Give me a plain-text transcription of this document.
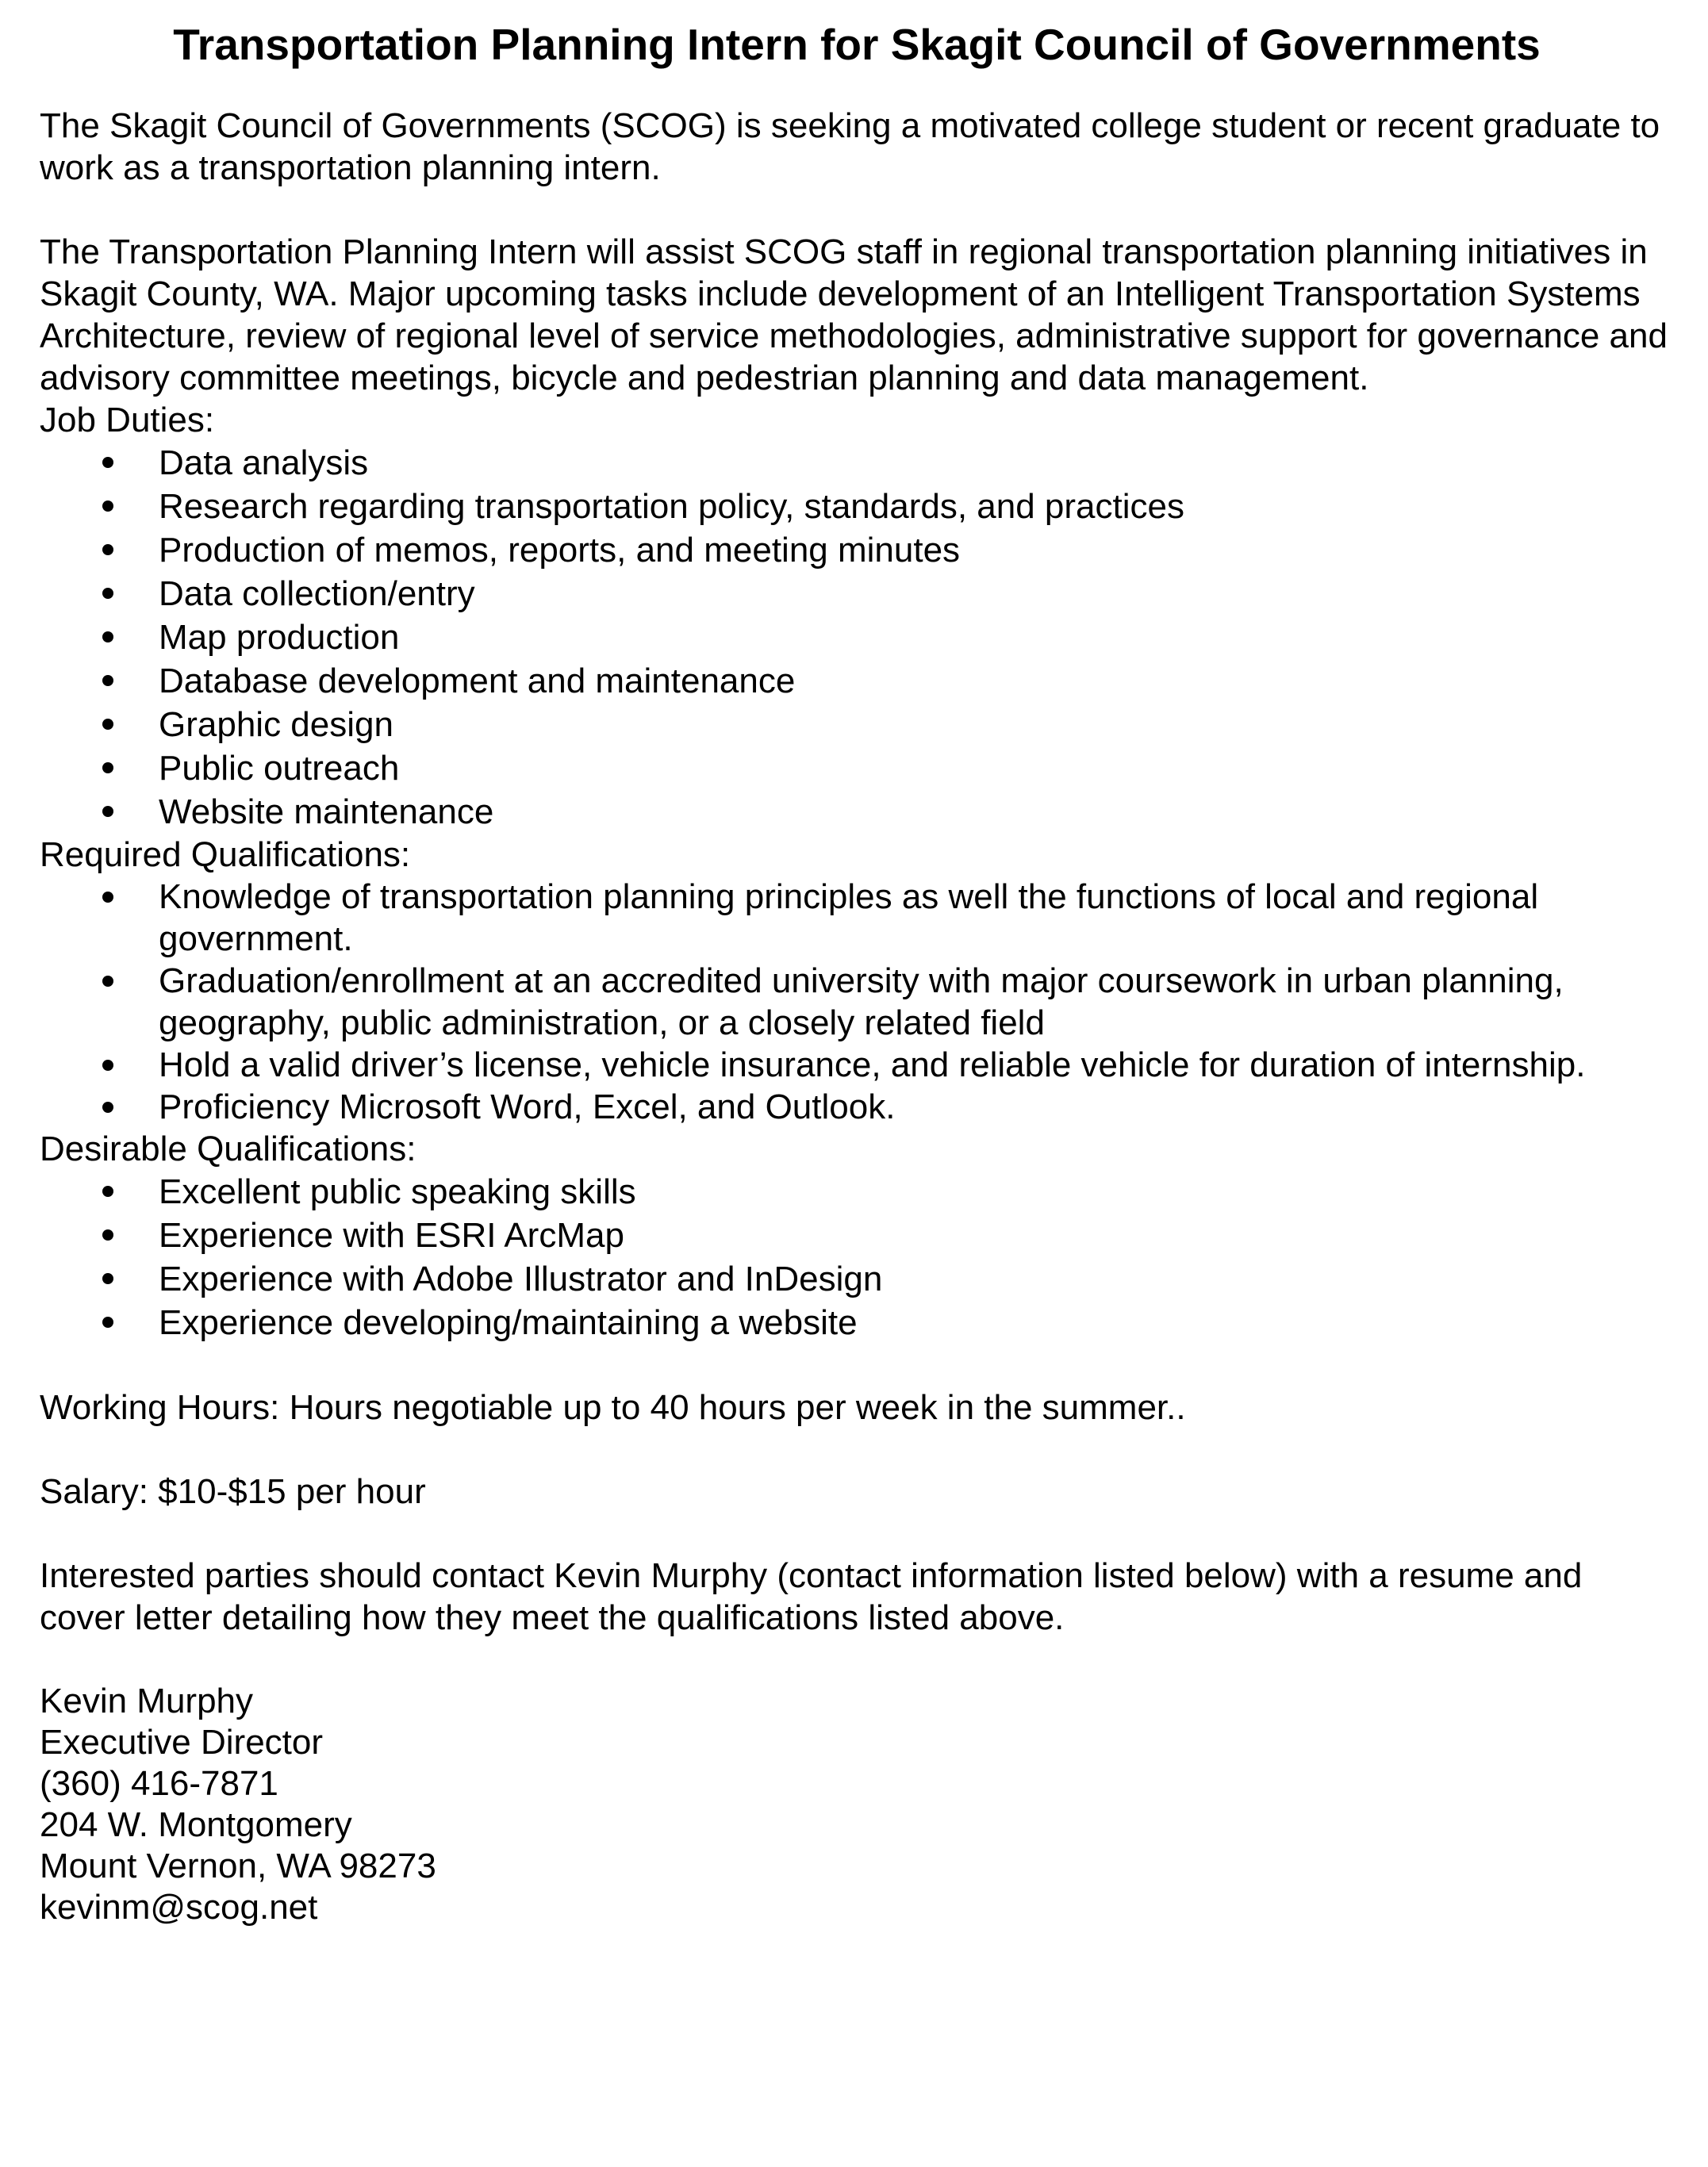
Transportation Planning Intern for Skagit Council of Governments

The Skagit Council of Governments (SCOG) is seeking a motivated college student or recent graduate to work as a transportation planning intern.

The Transportation Planning Intern will assist SCOG staff in regional transportation planning initiatives in Skagit County, WA. Major upcoming tasks include development of an Intelligent Transportation Systems Architecture, review of regional level of service methodologies, administrative support for governance and advisory committee meetings, bicycle and pedestrian planning and data management.

Job Duties:

Data analysis
Research regarding transportation policy, standards, and practices
Production of memos, reports, and meeting minutes
Data collection/entry
Map production
Database development and maintenance
Graphic design
Public outreach
Website maintenance

Required Qualifications:

Knowledge of transportation planning principles as well the functions of local and regional government.
Graduation/enrollment at an accredited university with major coursework in urban planning, geography, public administration, or a closely related field
Hold a valid driver’s license, vehicle insurance, and reliable vehicle for duration of internship.
Proficiency Microsoft Word, Excel, and Outlook.

Desirable Qualifications:

Excellent public speaking skills
Experience with ESRI ArcMap
Experience with Adobe Illustrator and InDesign
Experience developing/maintaining a website

Working Hours: Hours negotiable up to 40 hours per week in the summer..

Salary: $10-$15 per hour

Interested parties should contact Kevin Murphy (contact information listed below) with a resume and cover letter detailing how they meet the qualifications listed above.

Kevin Murphy
Executive Director
(360) 416-7871
204 W. Montgomery
Mount Vernon, WA 98273
kevinm@scog.net
